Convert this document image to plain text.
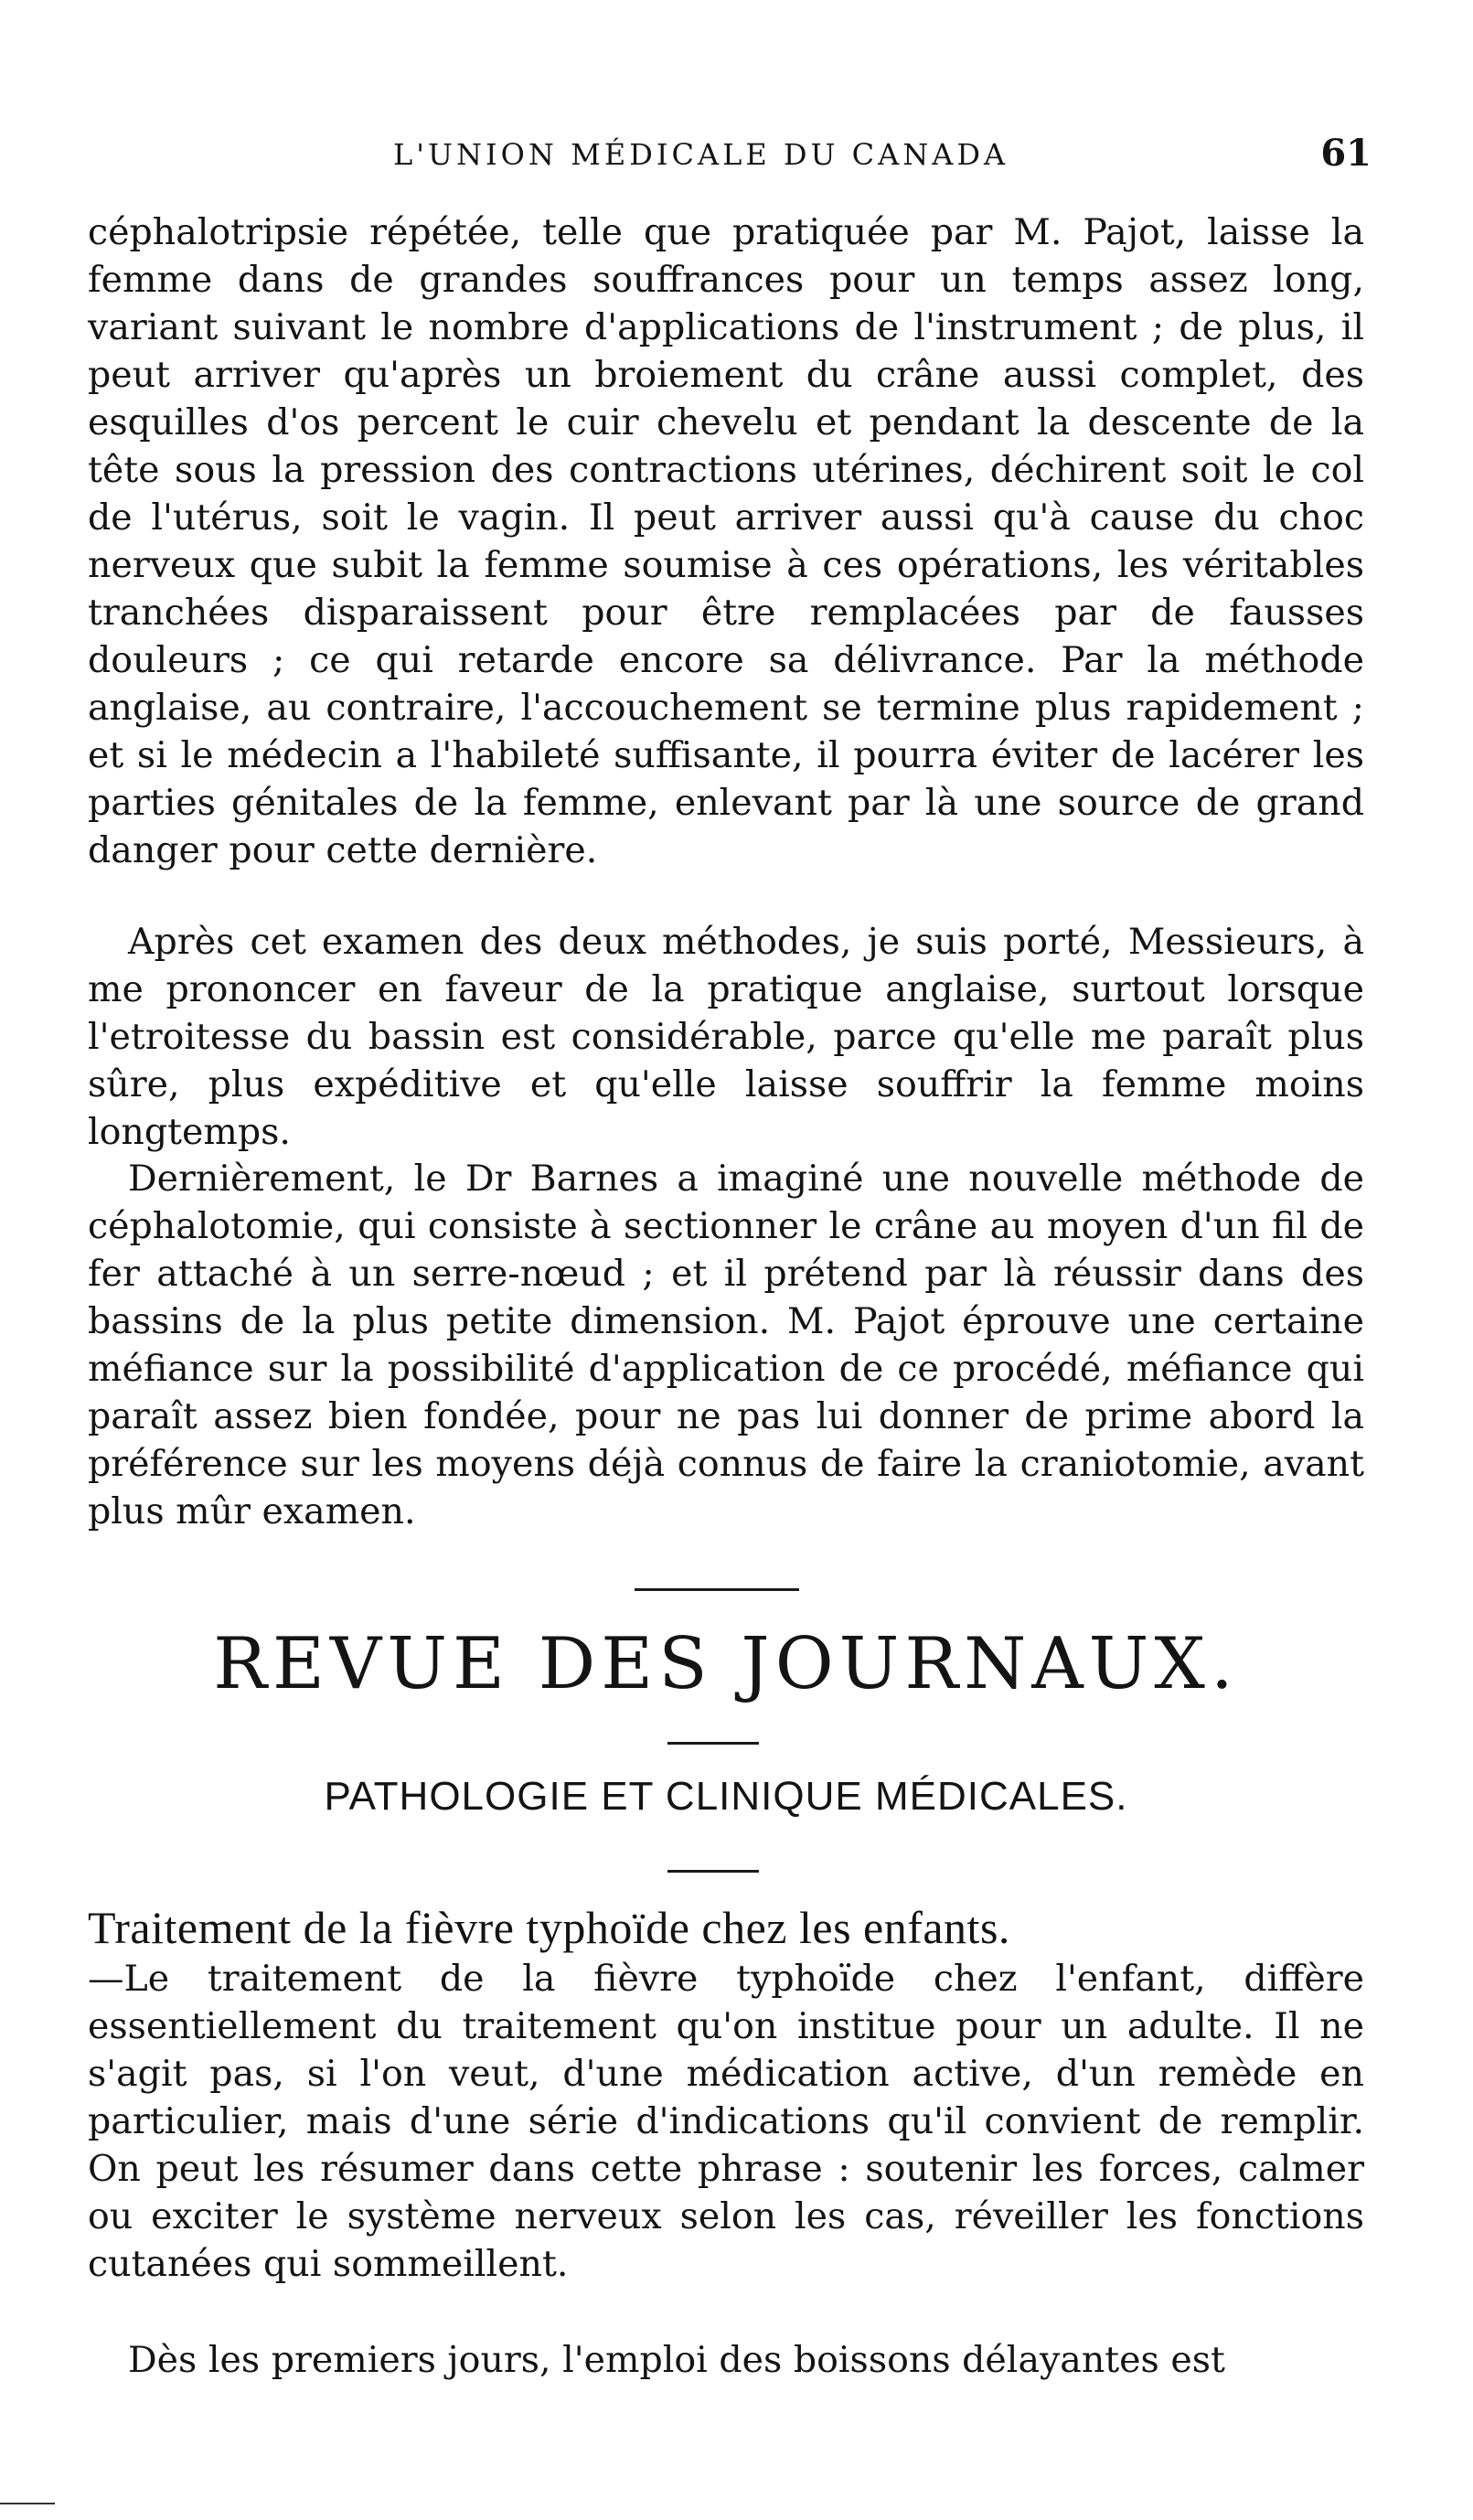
L'UNION MÉDICALE DU CANADA	61

céphalotripsie répétée, telle que pratiquée par M. Pajot, laisse la femme dans de grandes souffrances pour un temps assez long, variant suivant le nombre d'applications de l'instrument ; de plus, il peut arriver qu'après un broiement du crâne aussi complet, des esquilles d'os percent le cuir chevelu et pendant la descente de la tête sous la pression des contractions utérines, déchirent soit le col de l'utérus, soit le vagin. Il peut arriver aussi qu'à cause du choc nerveux que subit la femme soumise à ces opérations, les véritables tranchées disparaissent pour être remplacées par de fausses douleurs ; ce qui retarde encore sa délivrance. Par la méthode anglaise, au contraire, l'accouchement se termine plus rapidement ; et si le médecin a l'habileté suffisante, il pourra éviter de lacérer les parties génitales de la femme, enlevant par là une source de grand danger pour cette dernière.

Après cet examen des deux méthodes, je suis porté, Messieurs, à me prononcer en faveur de la pratique anglaise, surtout lorsque l'etroitesse du bassin est considérable, parce qu'elle me paraît plus sûre, plus expéditive et qu'elle laisse souffrir la femme moins longtemps.

Dernièrement, le Dr Barnes a imaginé une nouvelle méthode de céphalotomie, qui consiste à sectionner le crâne au moyen d'un fil de fer attaché à un serre-nœud ; et il prétend par là réussir dans des bassins de la plus petite dimension. M. Pajot éprouve une certaine méfiance sur la possibilité d'application de ce procédé, méfiance qui paraît assez bien fondée, pour ne pas lui donner de prime abord la préférence sur les moyens déjà connus de faire la craniotomie, avant plus mûr examen.

REVUE DES JOURNAUX.
PATHOLOGIE ET CLINIQUE MÉDICALES.

Traitement de la fièvre typhoïde chez les enfants.
—Le traitement de la fièvre typhoïde chez l'enfant, diffère essentiellement du traitement qu'on institue pour un adulte. Il ne s'agit pas, si l'on veut, d'une médication active, d'un remède en particulier, mais d'une série d'indications qu'il convient de remplir. On peut les résumer dans cette phrase : soutenir les forces, calmer ou exciter le système nerveux selon les cas, réveiller les fonctions cutanées qui sommeillent.

Dès les premiers jours, l'emploi des boissons délayantes est
